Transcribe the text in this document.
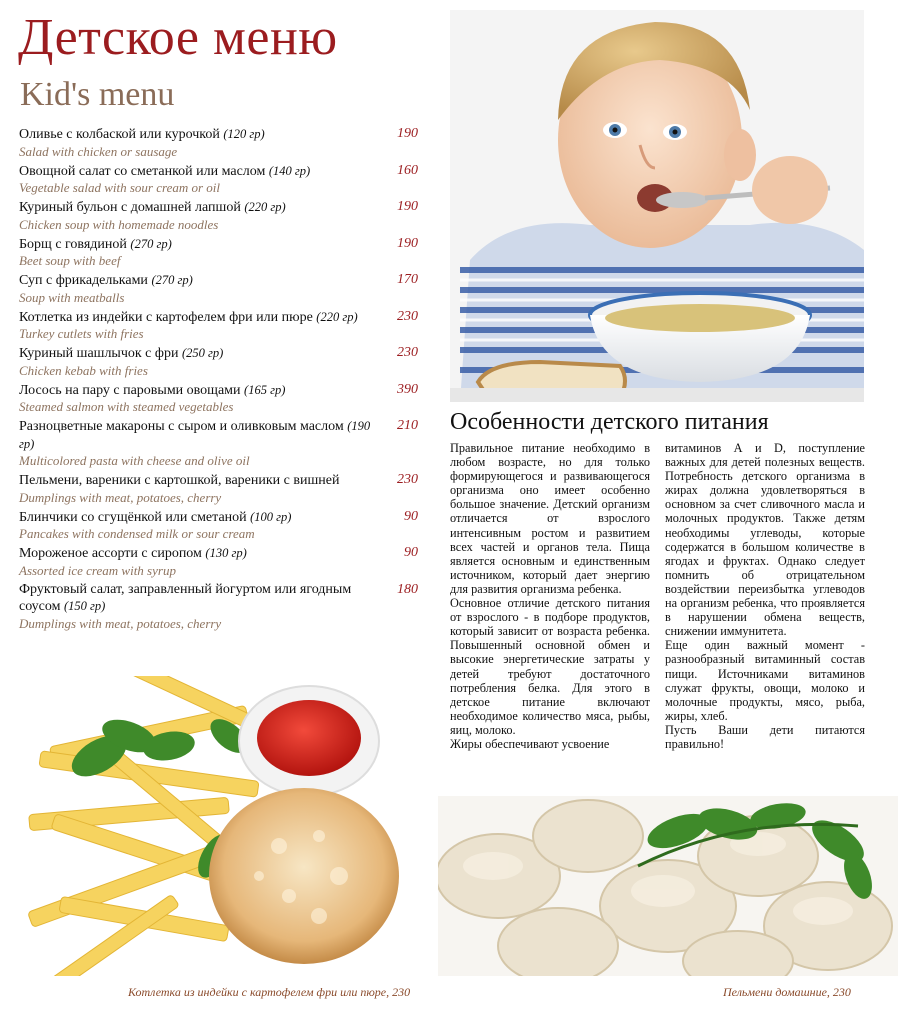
Детское меню
Kid's menu
Оливье с колбаской или курочкой (120 гр)
Salad with chicken or sausage
190
Овощной салат со сметанкой или маслом (140 гр)
Vegetable salad with sour cream or oil
160
Куриный бульон с домашней лапшой (220 гр)
Chicken soup with homemade noodles
190
Борщ с говядиной (270 гр)
Beet soup with beef
190
Суп с фрикадельками (270 гр)
Soup with meatballs
170
Котлетка из индейки с картофелем фри или пюре (220 гр)
Turkey cutlets with fries
230
Куриный шашлычок с фри (250 гр)
Chicken kebab with fries
230
Лосось на пару с паровыми овощами (165 гр)
Steamed salmon with steamed vegetables
390
Разноцветные макароны с сыром и оливковым маслом (190 гр)
Multicolored pasta with cheese and olive oil
210
Пельмени, вареники с картошкой, вареники с вишней
Dumplings with meat, potatoes, cherry
230
Блинчики со сгущёнкой или сметаной (100 гр)
Pancakes with condensed milk or sour cream
90
Мороженое ассорти с сиропом (130 гр)
Assorted ice cream with syrup
90
Фруктовый салат, заправленный йогуртом или ягодным соусом (150 гр)
Dumplings with meat, potatoes, cherry
180
Особенности детского питания

Правильное питание необходимо в любом возрасте, но для только формирующегося и развивающегося организма оно имеет особенно большое значение. Детский организм отличается от взрослого интенсивным ростом и развитием всех частей и органов тела. Пища является основным и единственным источником, который дает энергию для развития организма ребенка.

Основное отличие детского питания от взрослого - в подборе продуктов, который зависит от возраста ребенка. Повышенный основной обмен и высокие энергетические затраты у детей требуют достаточного потребления белка. Для этого в детское питание включают необходимое количество мяса, рыбы, яиц, молоко.

Жиры обеспечивают усвоение

витаминов А и D, поступление важных для детей полезных веществ. Потребность детского организма в жирах должна удовлетворяться в основном за счет сливочного масла и молочных продуктов. Также детям необходимы углеводы, которые содержатся в большом количестве в ягодах и фруктах. Однако следует помнить об отрицательном воздействии переизбытка углеводов на организм ребенка, что проявляется в нарушении обмена веществ, снижении иммунитета.

Еще один важный момент - разнообразный витаминный состав пищи. Источниками витаминов служат фрукты, овощи, молоко и молочные продукты, мясо, рыба, жиры, хлеб.

Пусть Ваши дети питаются правильно!

Котлетка из индейки с картофелем фри или пюре, 230	Пельмени домашние, 230
